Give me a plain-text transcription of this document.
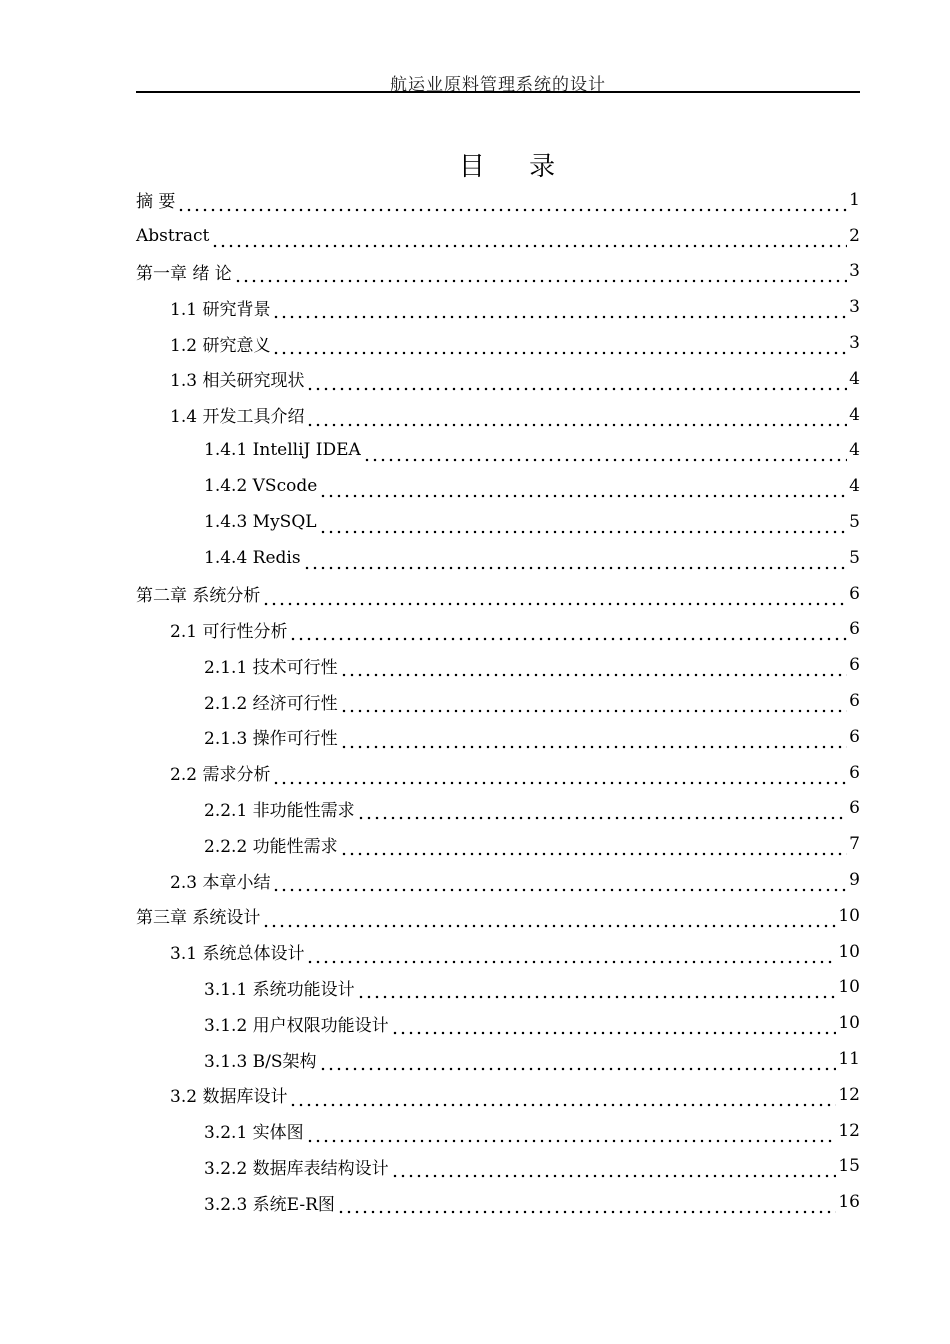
航运业原料管理系统的设计
目 录
摘 要	1
Abstract	2
第一章 绪 论	3
1.1 研究背景	3
1.2 研究意义	3
1.3 相关研究现状	4
1.4 开发工具介绍	4
1.4.1 IntelliJ IDEA	4
1.4.2 VScode	4
1.4.3 MySQL	5
1.4.4 Redis	5
第二章 系统分析	6
2.1 可行性分析	6
2.1.1 技术可行性	6
2.1.2 经济可行性	6
2.1.3 操作可行性	6
2.2 需求分析	6
2.2.1 非功能性需求	6
2.2.2 功能性需求	7
2.3 本章小结	9
第三章 系统设计	10
3.1 系统总体设计	10
3.1.1 系统功能设计	10
3.1.2 用户权限功能设计	10
3.1.3 B/S架构	11
3.2 数据库设计	12
3.2.1 实体图	12
3.2.2 数据库表结构设计	15
3.2.3 系统E-R图	16
